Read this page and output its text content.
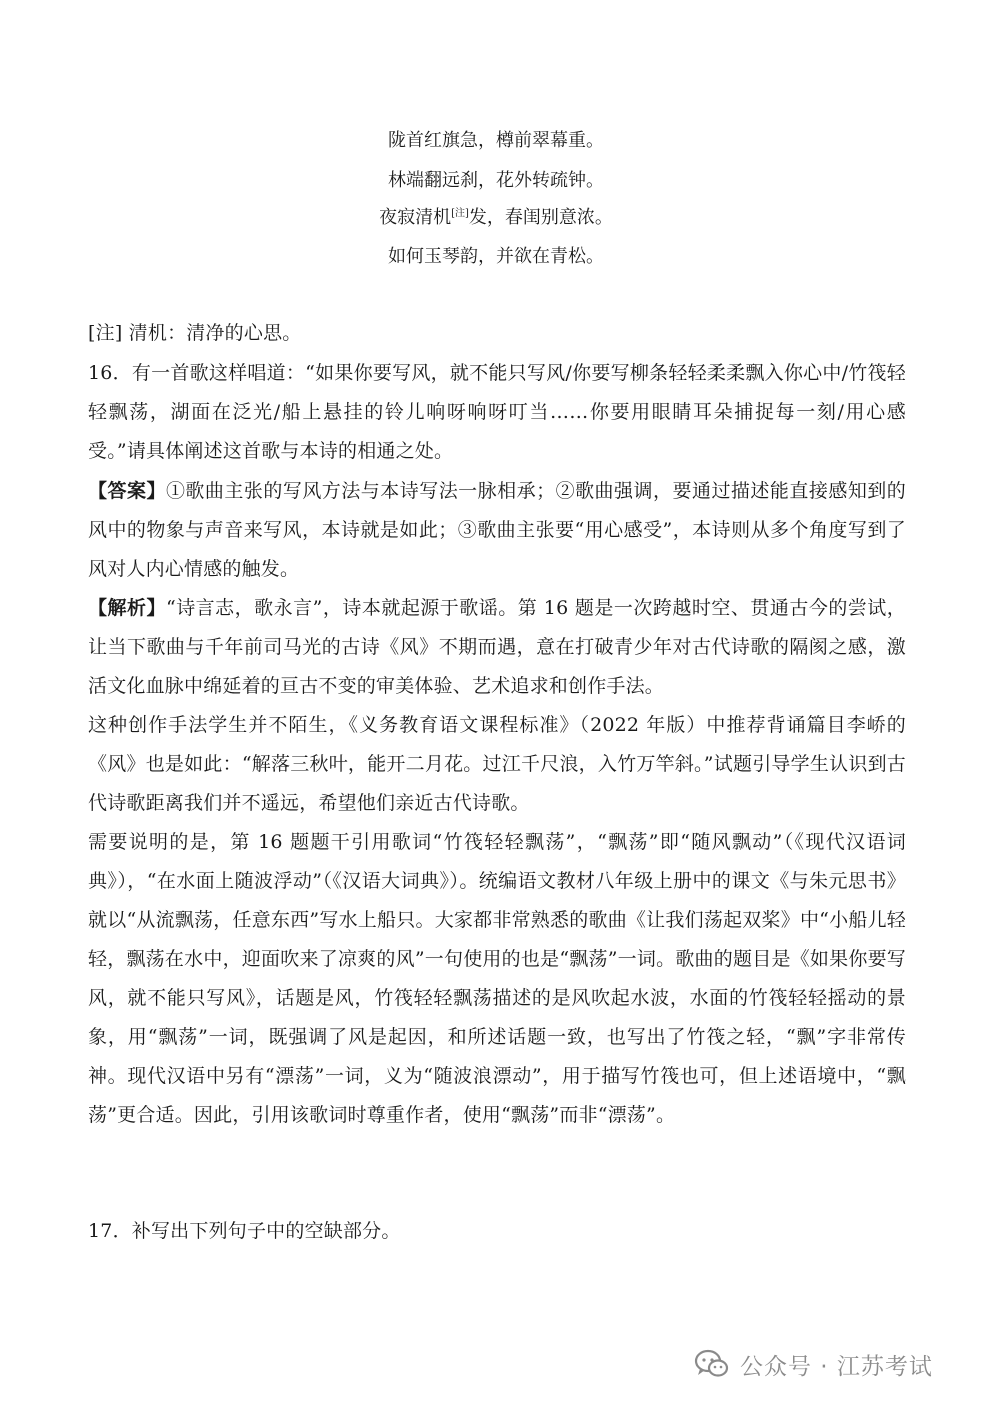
陇首红旗急，樽前翠幕重。
林端翻远刹，花外转疏钟。
夜寂清机[注]发，春闺别意浓。
如何玉琴韵，并欲在青松。
[注] 清机：清净的心思。
16．有一首歌这样唱道：“如果你要写风，就不能只写风/你要写柳条轻轻柔柔飘入你心中/竹筏轻轻飘荡，湖面在泛光/船上悬挂的铃儿响呀响呀叮当……你要用眼睛耳朵捕捉每一刻/用心感受。”请具体阐述这首歌与本诗的相通之处。
【答案】①歌曲主张的写风方法与本诗写法一脉相承；②歌曲强调，要通过描述能直接感知到的风中的物象与声音来写风，本诗就是如此；③歌曲主张要“用心感受”，本诗则从多个角度写到了风对人内心情感的触发。
【解析】“诗言志，歌永言”，诗本就起源于歌谣。第 16 题是一次跨越时空、贯通古今的尝试，让当下歌曲与千年前司马光的古诗《风》不期而遇，意在打破青少年对古代诗歌的隔阂之感，激活文化血脉中绵延着的亘古不变的审美体验、艺术追求和创作手法。
这种创作手法学生并不陌生，《义务教育语文课程标准》（2022 年版）中推荐背诵篇目李峤的《风》也是如此：“解落三秋叶，能开二月花。过江千尺浪，入竹万竿斜。”试题引导学生认识到古代诗歌距离我们并不遥远，希望他们亲近古代诗歌。
需要说明的是，第 16 题题干引用歌词“竹筏轻轻飘荡”，“飘荡”即“随风飘动”（《现代汉语词典》），“在水面上随波浮动”（《汉语大词典》）。统编语文教材八年级上册中的课文《与朱元思书》就以“从流飘荡，任意东西”写水上船只。大家都非常熟悉的歌曲《让我们荡起双桨》中“小船儿轻轻，飘荡在水中，迎面吹来了凉爽的风”一句使用的也是“飘荡”一词。歌曲的题目是《如果你要写风，就不能只写风》，话题是风，竹筏轻轻飘荡描述的是风吹起水波，水面的竹筏轻轻摇动的景象，用“飘荡”一词，既强调了风是起因，和所述话题一致，也写出了竹筏之轻，“飘”字非常传神。现代汉语中另有“漂荡”一词，义为“随波浪漂动”，用于描写竹筏也可，但上述语境中，“飘荡”更合适。因此，引用该歌词时尊重作者，使用“飘荡”而非“漂荡”。
17．补写出下列句子中的空缺部分。
公众号 · 江苏考试
